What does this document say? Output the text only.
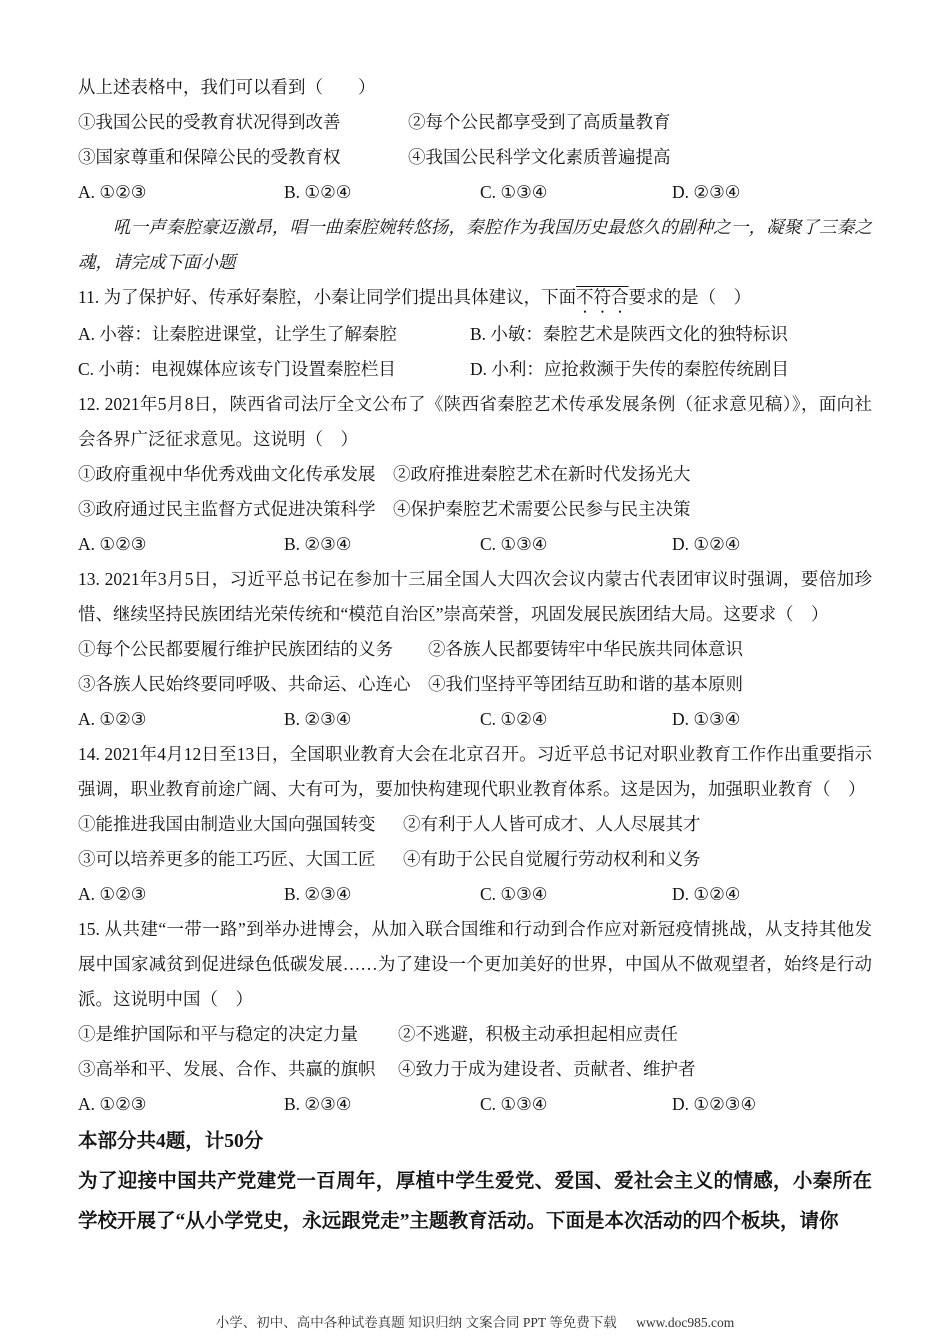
从上述表格中，我们可以看到（　　）

①我国公民的受教育状况得到改善	②每个公民都享受到了高质量教育
③国家尊重和保障公民的受教育权	④我国公民科学文化素质普遍提高
A. ①②③	B. ①②④	C. ①③④	D. ②③④

吼一声秦腔豪迈激昂，唱一曲秦腔婉转悠扬，秦腔作为我国历史最悠久的剧种之一，凝聚了三秦之魂，请完成下面小题

11. 为了保护好、传承好秦腔，小秦让同学们提出具体建议，下面不符合要求的是（　）

A. 小蓉：让秦腔进课堂，让学生了解秦腔	B. 小敏：秦腔艺术是陕西文化的独特标识
C. 小萌：电视媒体应该专门设置秦腔栏目	D. 小利：应抢救濒于失传的秦腔传统剧目

12. 2021年5月8日，陕西省司法厅全文公布了《陕西省秦腔艺术传承发展条例（征求意见稿）》，面向社会各界广泛征求意见。这说明（　）

①政府重视中华优秀戏曲文化传承发展	②政府推进秦腔艺术在新时代发扬光大
③政府通过民主监督方式促进决策科学	④保护秦腔艺术需要公民参与民主决策
A. ①②③	B. ②③④	C. ①③④	D. ①②④

13. 2021年3月5日，习近平总书记在参加十三届全国人大四次会议内蒙古代表团审议时强调，要倍加珍惜、继续坚持民族团结光荣传统和“模范自治区”崇高荣誉，巩固发展民族团结大局。这要求（　）

①每个公民都要履行维护民族团结的义务	②各族人民都要铸牢中华民族共同体意识
③各族人民始终要同呼吸、共命运、心连心	④我们坚持平等团结互助和谐的基本原则
A. ①②③	B. ②③④	C. ①②④	D. ①③④

14. 2021年4月12日至13日，全国职业教育大会在北京召开。习近平总书记对职业教育工作作出重要指示强调，职业教育前途广阔、大有可为，要加快构建现代职业教育体系。这是因为，加强职业教育（　）

①能推进我国由制造业大国向强国转变	②有利于人人皆可成才、人人尽展其才
③可以培养更多的能工巧匠、大国工匠	④有助于公民自觉履行劳动权利和义务
A. ①②③	B. ②③④	C. ①③④	D. ①②④

15. 从共建“一带一路”到举办进博会，从加入联合国维和行动到合作应对新冠疫情挑战，从支持其他发展中国家减贫到促进绿色低碳发展……为了建设一个更加美好的世界，中国从不做观望者，始终是行动派。这说明中国（　）

①是维护国际和平与稳定的决定力量	②不逃避，积极主动承担起相应责任
③高举和平、发展、合作、共赢的旗帜	④致力于成为建设者、贡献者、维护者
A. ①②③	B. ②③④	C. ①③④	D. ①②③④

本部分共4题，计50分

为了迎接中国共产党建党一百周年，厚植中学生爱党、爱国、爱社会主义的情感，小秦所在学校开展了“从小学党史，永远跟党走”主题教育活动。下面是本次活动的四个板块，请你

小学、初中、高中各种试卷真题 知识归纳 文案合同 PPT 等免费下载 www.doc985.com
